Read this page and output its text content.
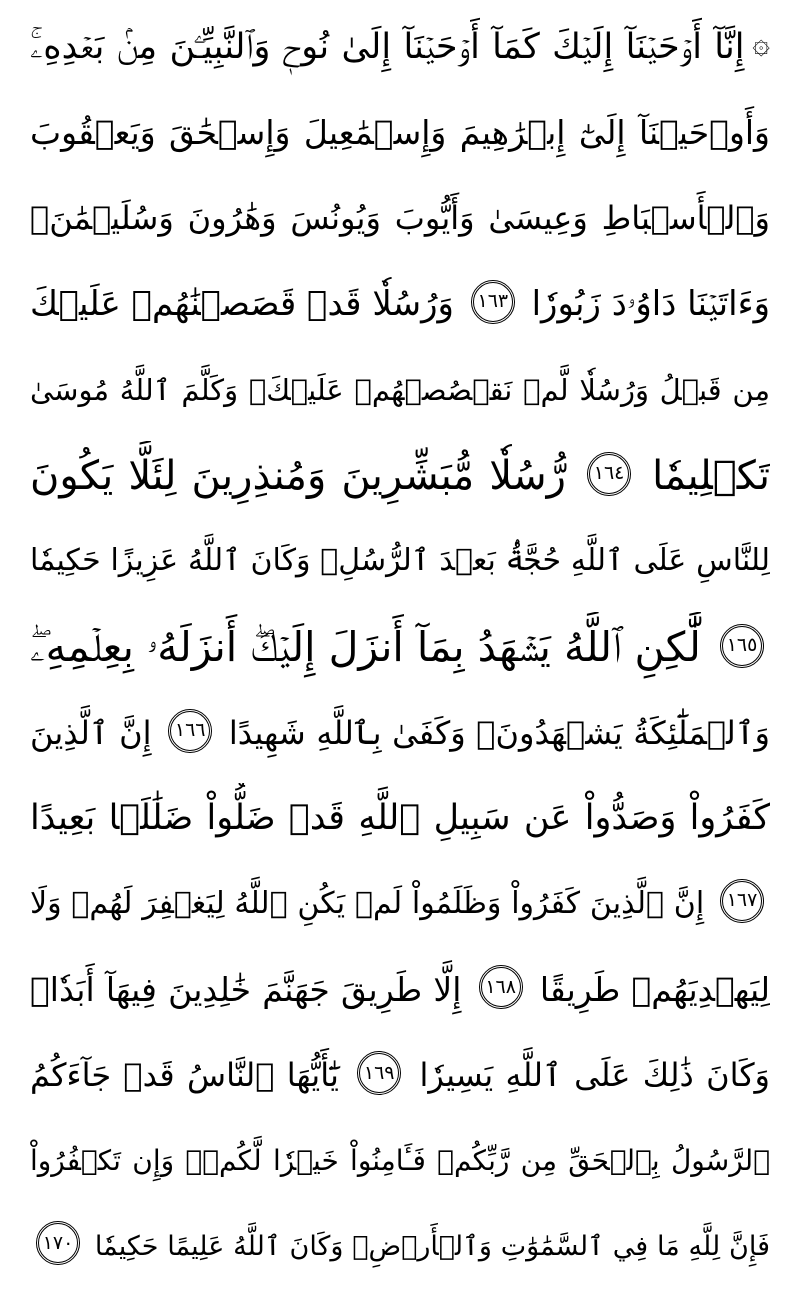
۞إِنَّآ أَوۡحَيۡنَآ إِلَيۡكَ كَمَآ أَوۡحَيۡنَآ إِلَىٰ نُوحٖ وَٱلنَّبِيِّـۧنَ مِنۢ بَعۡدِهِۦۚ
وَأَوۡحَيۡنَآ إِلَىٰٓ إِبۡرَٰهِيمَ وَإِسۡمَٰعِيلَ وَإِسۡحَٰقَ وَيَعۡقُوبَ
وَٱلۡأَسۡبَاطِ وَعِيسَىٰ وَأَيُّوبَ وَيُونُسَ وَهَٰرُونَ وَسُلَيۡمَٰنَۚ
وَءَاتَيۡنَا دَاوُۥدَ زَبُورٗا ١٦٣ وَرُسُلٗا قَدۡ قَصَصۡنَٰهُمۡ عَلَيۡكَ
مِن قَبۡلُ وَرُسُلٗا لَّمۡ نَقۡصُصۡهُمۡ عَلَيۡكَۚ وَكَلَّمَ ٱللَّهُ مُوسَىٰ
تَكۡلِيمٗا ١٦٤ رُّسُلٗا مُّبَشِّرِينَ وَمُنذِرِينَ لِئَلَّا يَكُونَ
لِلنَّاسِ عَلَى ٱللَّهِ حُجَّةُۢ بَعۡدَ ٱلرُّسُلِۚ وَكَانَ ٱللَّهُ عَزِيزًا حَكِيمٗا
١٦٥ لَّٰكِنِ ٱللَّهُ يَشۡهَدُ بِمَآ أَنزَلَ إِلَيۡكَۖ أَنزَلَهُۥ بِعِلۡمِهِۦۖ
وَٱلۡمَلَٰٓئِكَةُ يَشۡهَدُونَۚ وَكَفَىٰ بِٱللَّهِ شَهِيدًا ١٦٦ إِنَّ ٱلَّذِينَ
كَفَرُواْ وَصَدُّواْ عَن سَبِيلِ ٱللَّهِ قَدۡ ضَلُّواْ ضَلَٰلَۢا بَعِيدًا
١٦٧ إِنَّ ٱلَّذِينَ كَفَرُواْ وَظَلَمُواْ لَمۡ يَكُنِ ٱللَّهُ لِيَغۡفِرَ لَهُمۡ وَلَا
لِيَهۡدِيَهُمۡ طَرِيقًا ١٦٨ إِلَّا طَرِيقَ جَهَنَّمَ خَٰلِدِينَ فِيهَآ أَبَدٗاۚ
وَكَانَ ذَٰلِكَ عَلَى ٱللَّهِ يَسِيرٗا ١٦٩ يَٰٓأَيُّهَا ٱلنَّاسُ قَدۡ جَآءَكُمُ
ٱلرَّسُولُ بِٱلۡحَقِّ مِن رَّبِّكُمۡ فَـَٔامِنُواْ خَيۡرٗا لَّكُمۡۚ وَإِن تَكۡفُرُواْ
فَإِنَّ لِلَّهِ مَا فِي ٱلسَّمَٰوَٰتِ وَٱلۡأَرۡضِۚ وَكَانَ ٱللَّهُ عَلِيمًا حَكِيمٗا ١٧٠
